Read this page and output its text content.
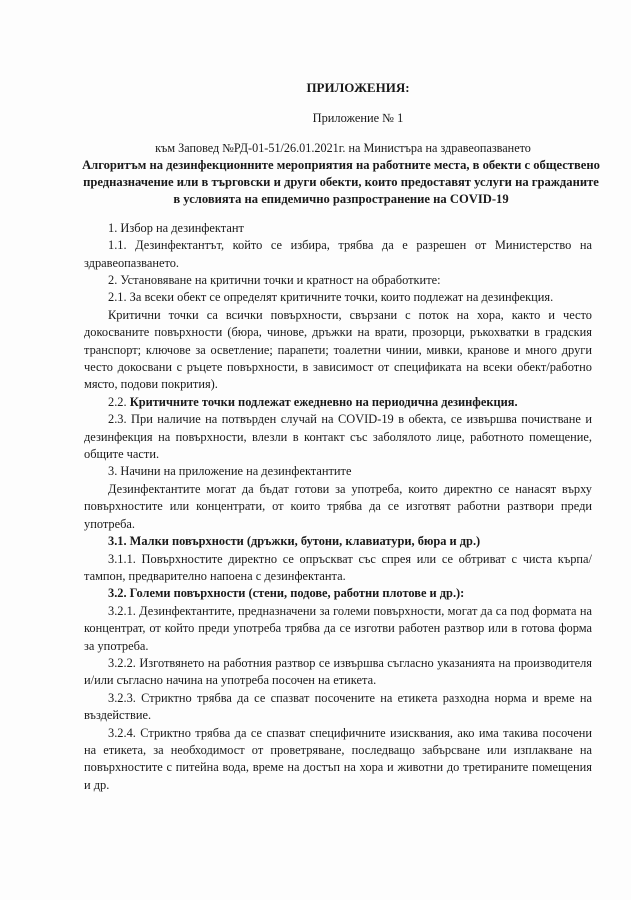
ПРИЛОЖЕНИЯ:
Приложение № 1
към Заповед №РД-01-51/26.01.2021г. на Министъра на здравеопазването
Алгоритъм на дезинфекционните мероприятия на работните места, в обекти с обществено предназначение или в търговски и други обекти, които предоставят услуги на гражданите в условията на епидемично разпространение на COVID-19

1. Избор на дезинфектант

1.1. Дезинфектантът, който се избира, трябва да е разрешен от Министерство на здравеопазването.

2. Установяване на критични точки и кратност на обработките:

2.1. За всеки обект се определят критичните точки, които подлежат на дезинфекция.

Критични точки са всички повърхности, свързани с поток на хора, както и често докосваните повърхности (бюра, чинове, дръжки на врати, прозорци, ръкохватки в градския транспорт; ключове за осветление; парапети; тоалетни чинии, мивки, кранове и много други често докосвани с ръцете повърхности, в зависимост от спецификата на всеки обект/работно място, подови покрития).

2.2. Критичните точки подлежат ежедневно на периодична дезинфекция.

2.3. При наличие на потвърден случай на COVID-19 в обекта, се извършва почистване и дезинфекция на повърхности, влезли в контакт със заболялото лице, работното помещение, общите части.

3. Начини на приложение на дезинфектантите

Дезинфектантите могат да бъдат готови за употреба, които директно се нанасят върху повърхностите или концентрати, от които трябва да се изготвят работни разтвори преди употреба.

3.1. Малки повърхности (дръжки, бутони, клавиатури, бюра и др.)

3.1.1. Повърхностите директно се опръскват със спрея или се обтриват с чиста кърпа/тампон, предварително напоена с дезинфектанта.

3.2. Големи повърхности (стени, подове, работни плотове и др.):

3.2.1. Дезинфектантите, предназначени за големи повърхности, могат да са под формата на концентрат, от който преди употреба трябва да се изготви работен разтвор или в готова форма за употреба.

3.2.2. Изготвянето на работния разтвор се извършва съгласно указанията на производителя и/или съгласно начина на употреба посочен на етикета.

3.2.3. Стриктно трябва да се спазват посочените на етикета разходна норма и време на въздействие.

3.2.4. Стриктно трябва да се спазват специфичните изисквания, ако има такива посочени на етикета, за необходимост от проветряване, последващо забърсване или изплакване на повърхностите с питейна вода, време на достъп на хора и животни до третираните помещения и др.
